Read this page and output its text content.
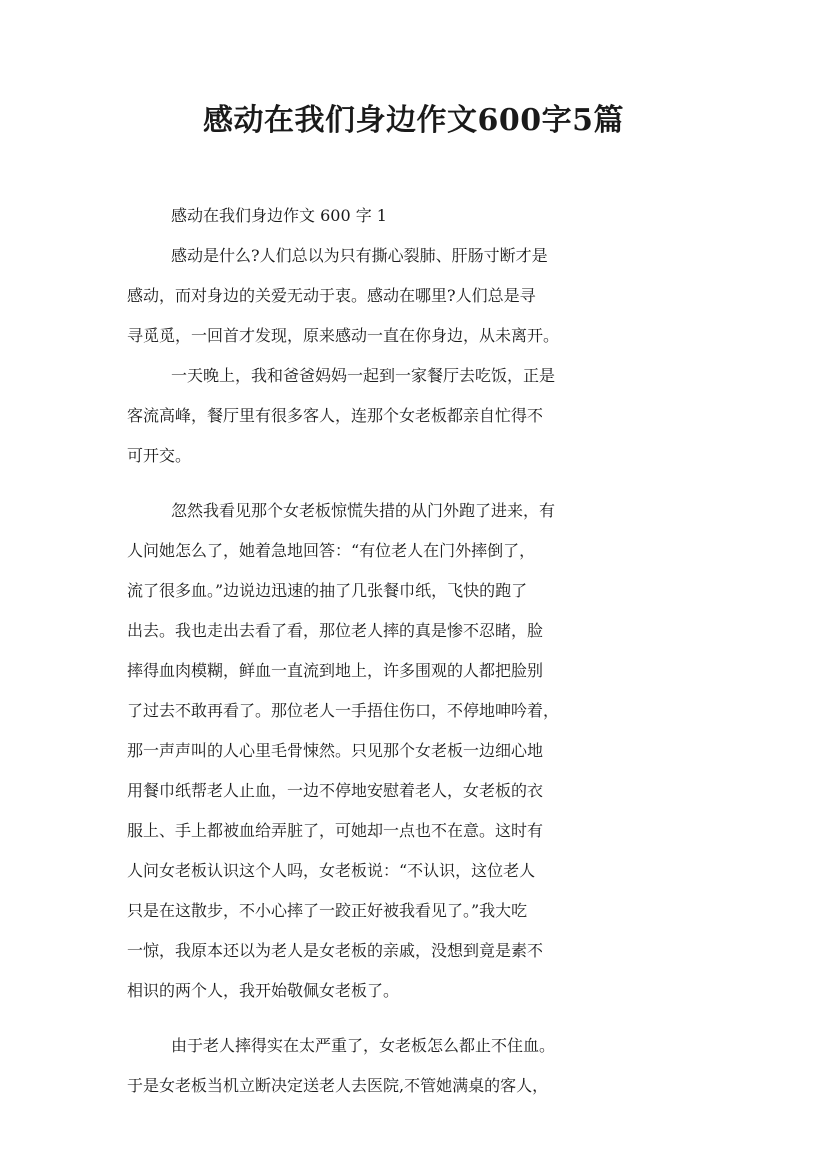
感动在我们身边作文600字5篇
感动在我们身边作文 600 字 1
感动是什么?人们总以为只有撕心裂肺、肝肠寸断才是
感动，而对身边的关爱无动于衷。感动在哪里?人们总是寻
寻觅觅，一回首才发现，原来感动一直在你身边，从未离开。
一天晚上，我和爸爸妈妈一起到一家餐厅去吃饭，正是
客流高峰，餐厅里有很多客人，连那个女老板都亲自忙得不
可开交。
忽然我看见那个女老板惊慌失措的从门外跑了进来，有
人问她怎么了，她着急地回答：“有位老人在门外摔倒了，
流了很多血。”边说边迅速的抽了几张餐巾纸，飞快的跑了
出去。我也走出去看了看，那位老人摔的真是惨不忍睹，脸
摔得血肉模糊，鲜血一直流到地上，许多围观的人都把脸别
了过去不敢再看了。那位老人一手捂住伤口，不停地呻吟着，
那一声声叫的人心里毛骨悚然。只见那个女老板一边细心地
用餐巾纸帮老人止血，一边不停地安慰着老人，女老板的衣
服上、手上都被血给弄脏了，可她却一点也不在意。这时有
人问女老板认识这个人吗，女老板说：“不认识，这位老人
只是在这散步，不小心摔了一跤正好被我看见了。”我大吃
一惊，我原本还以为老人是女老板的亲戚，没想到竟是素不
相识的两个人，我开始敬佩女老板了。
由于老人摔得实在太严重了，女老板怎么都止不住血。
于是女老板当机立断决定送老人去医院,不管她满桌的客人，
